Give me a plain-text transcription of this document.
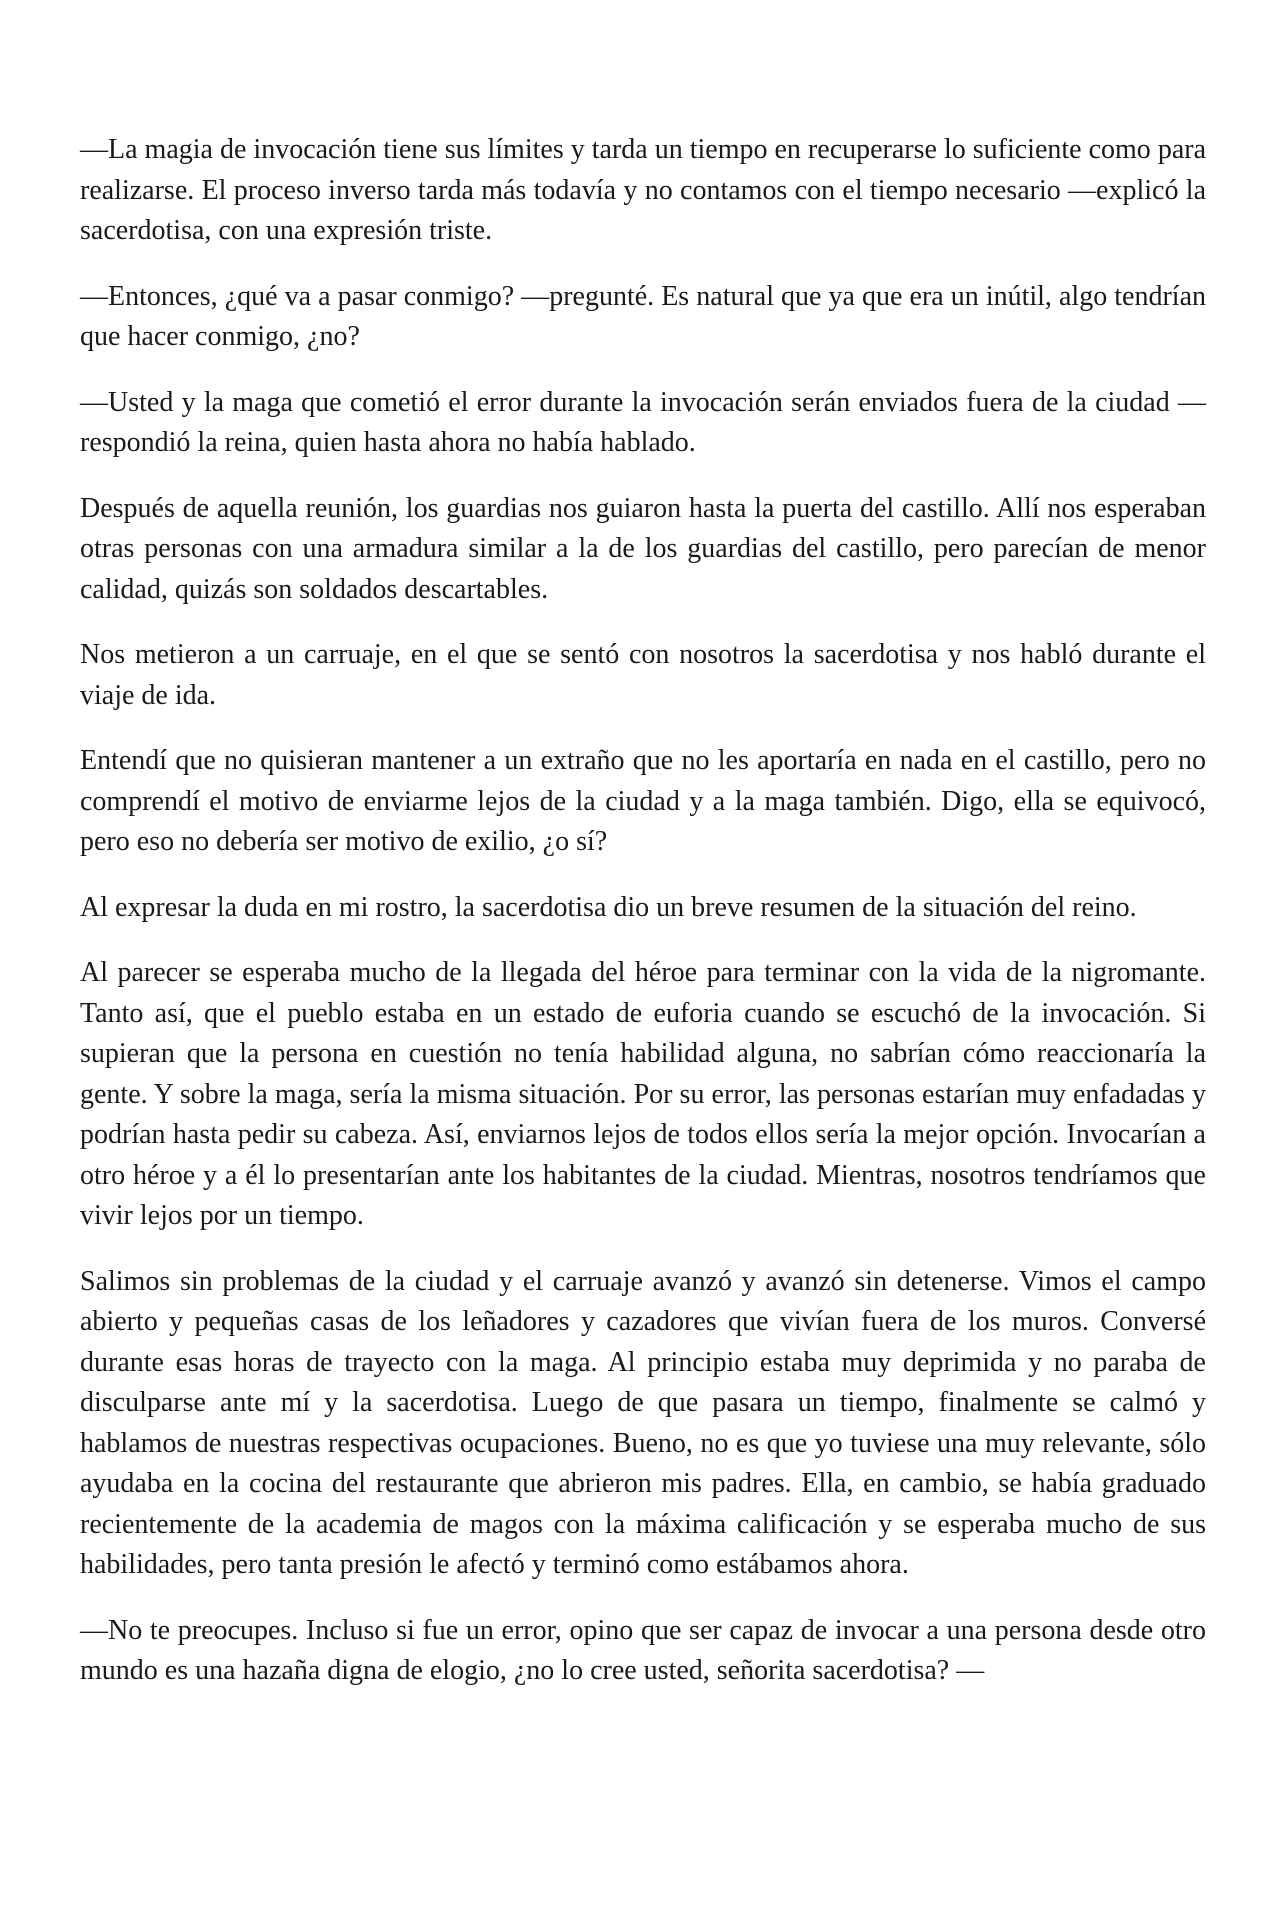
—La magia de invocación tiene sus límites y tarda un tiempo en recuperarse lo suficiente como para realizarse. El proceso inverso tarda más todavía y no contamos con el tiempo necesario —explicó la sacerdotisa, con una expresión triste.

—Entonces, ¿qué va a pasar conmigo? —pregunté. Es natural que ya que era un inútil, algo tendrían que hacer conmigo, ¿no?

—Usted y la maga que cometió el error durante la invocación serán enviados fuera de la ciudad —respondió la reina, quien hasta ahora no había hablado.

Después de aquella reunión, los guardias nos guiaron hasta la puerta del castillo. Allí nos esperaban otras personas con una armadura similar a la de los guardias del castillo, pero parecían de menor calidad, quizás son soldados descartables.

Nos metieron a un carruaje, en el que se sentó con nosotros la sacerdotisa y nos habló durante el viaje de ida.

Entendí que no quisieran mantener a un extraño que no les aportaría en nada en el castillo, pero no comprendí el motivo de enviarme lejos de la ciudad y a la maga también. Digo, ella se equivocó, pero eso no debería ser motivo de exilio, ¿o sí?

Al expresar la duda en mi rostro, la sacerdotisa dio un breve resumen de la situación del reino.

Al parecer se esperaba mucho de la llegada del héroe para terminar con la vida de la nigromante. Tanto así, que el pueblo estaba en un estado de euforia cuando se escuchó de la invocación. Si supieran que la persona en cuestión no tenía habilidad alguna, no sabrían cómo reaccionaría la gente. Y sobre la maga, sería la misma situación. Por su error, las personas estarían muy enfadadas y podrían hasta pedir su cabeza. Así, enviarnos lejos de todos ellos sería la mejor opción. Invocarían a otro héroe y a él lo presentarían ante los habitantes de la ciudad. Mientras, nosotros tendríamos que vivir lejos por un tiempo.

Salimos sin problemas de la ciudad y el carruaje avanzó y avanzó sin detenerse. Vimos el campo abierto y pequeñas casas de los leñadores y cazadores que vivían fuera de los muros. Conversé durante esas horas de trayecto con la maga. Al principio estaba muy deprimida y no paraba de disculparse ante mí y la sacerdotisa. Luego de que pasara un tiempo, finalmente se calmó y hablamos de nuestras respectivas ocupaciones. Bueno, no es que yo tuviese una muy relevante, sólo ayudaba en la cocina del restaurante que abrieron mis padres. Ella, en cambio, se había graduado recientemente de la academia de magos con la máxima calificación y se esperaba mucho de sus habilidades, pero tanta presión le afectó y terminó como estábamos ahora.

—No te preocupes. Incluso si fue un error, opino que ser capaz de invocar a una persona desde otro mundo es una hazaña digna de elogio, ¿no lo cree usted, señorita sacerdotisa? —
